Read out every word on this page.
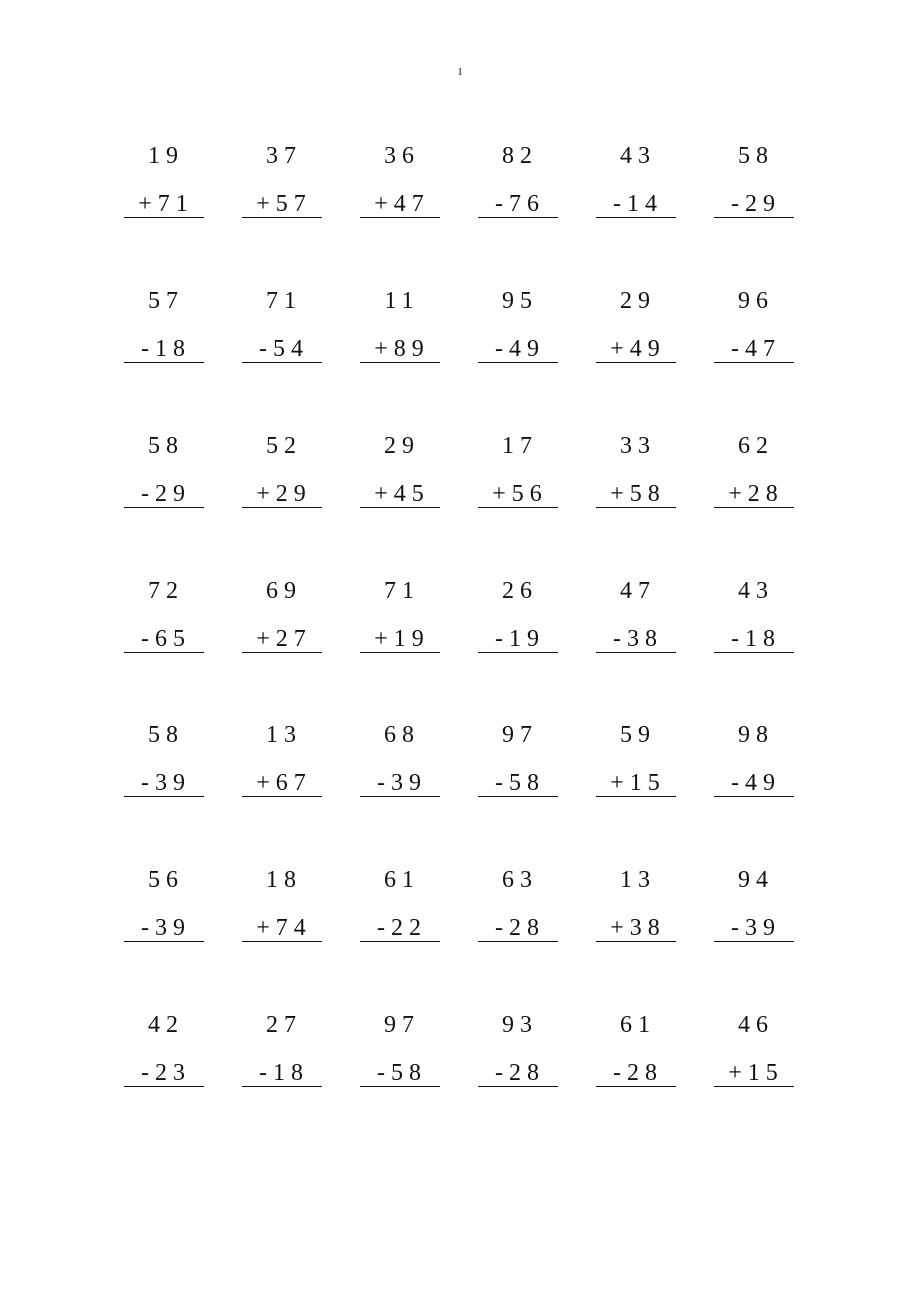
1
19
+71
37
+57
36
+47
82
-76
43
-14
58
-29
57
-18
71
-54
11
+89
95
-49
29
+49
96
-47
58
-29
52
+29
29
+45
17
+56
33
+58
62
+28
72
-65
69
+27
71
+19
26
-19
47
-38
43
-18
58
-39
13
+67
68
-39
97
-58
59
+15
98
-49
56
-39
18
+74
61
-22
63
-28
13
+38
94
-39
42
-23
27
-18
97
-58
93
-28
61
-28
46
+15
